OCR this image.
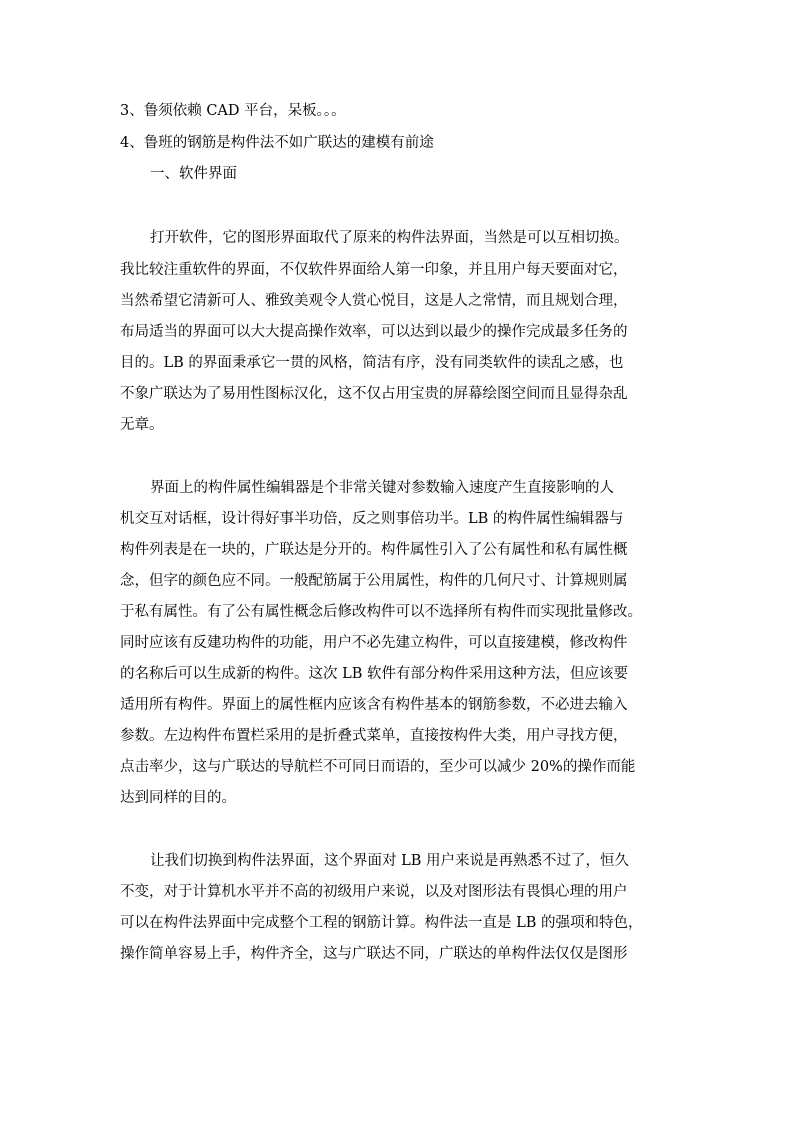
3、鲁须依赖 CAD 平台，呆板。。。
4、鲁班的钢筋是构件法不如广联达的建模有前途
一、软件界面
打开软件，它的图形界面取代了原来的构件法界面，当然是可以互相切换。
我比较注重软件的界面，不仅软件界面给人第一印象，并且用户每天要面对它，
当然希望它清新可人、雅致美观令人赏心悦目，这是人之常情，而且规划合理，
布局适当的界面可以大大提高操作效率，可以达到以最少的操作完成最多任务的
目的。LB 的界面秉承它一贯的风格，简洁有序，没有同类软件的读乱之感，也
不象广联达为了易用性图标汉化，这不仅占用宝贵的屏幕绘图空间而且显得杂乱
无章。
界面上的构件属性编辑器是个非常关键对参数输入速度产生直接影响的人
机交互对话框，设计得好事半功倍，反之则事倍功半。LB 的构件属性编辑器与
构件列表是在一块的，广联达是分开的。构件属性引入了公有属性和私有属性概
念，但字的颜色应不同。一般配筋属于公用属性，构件的几何尺寸、计算规则属
于私有属性。有了公有属性概念后修改构件可以不选择所有构件而实现批量修改。
同时应该有反建功构件的功能，用户不必先建立构件，可以直接建模，修改构件
的名称后可以生成新的构件。这次 LB 软件有部分构件采用这种方法，但应该要
适用所有构件。界面上的属性框内应该含有构件基本的钢筋参数，不必进去输入
参数。左边构件布置栏采用的是折叠式菜单，直接按构件大类，用户寻找方便，
点击率少，这与广联达的导航栏不可同日而语的，至少可以减少 20%的操作而能
达到同样的目的。
让我们切换到构件法界面，这个界面对 LB 用户来说是再熟悉不过了，恒久
不变，对于计算机水平并不高的初级用户来说，以及对图形法有畏惧心理的用户
可以在构件法界面中完成整个工程的钢筋计算。构件法一直是 LB 的强项和特色，
操作简单容易上手，构件齐全，这与广联达不同，广联达的单构件法仅仅是图形
